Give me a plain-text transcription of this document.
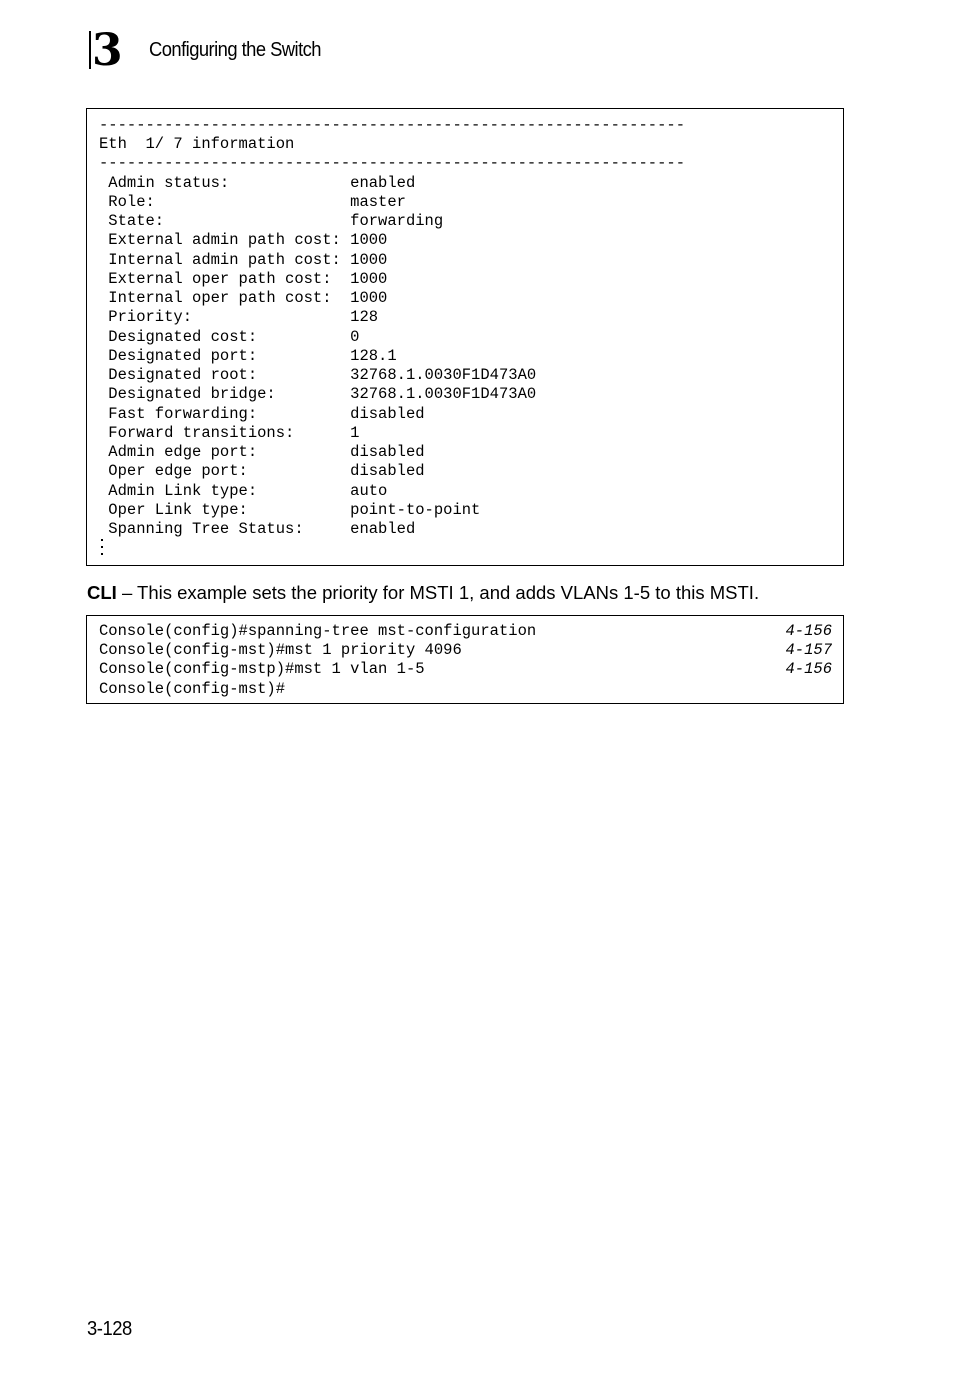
3 Configuring the Switch
---------------------------------------------------------------
Eth  1/ 7 information
---------------------------------------------------------------
Admin status:             enabled
Role:                     master
State:                    forwarding
External admin path cost: 1000
Internal admin path cost: 1000
External oper path cost:  1000
Internal oper path cost:  1000
Priority:                 128
Designated cost:          0
Designated port:          128.1
Designated root:          32768.1.0030F1D473A0
Designated bridge:        32768.1.0030F1D473A0
Fast forwarding:          disabled
Forward transitions:      1
Admin edge port:          disabled
Oper edge port:           disabled
Admin Link type:          auto
Oper Link type:           point-to-point
Spanning Tree Status:     enabled
CLI – This example sets the priority for MSTI 1, and adds VLANs 1-5 to this MSTI.
Console(config)#spanning-tree mst-configuration	4-156
Console(config-mst)#mst 1 priority 4096	4-157
Console(config-mstp)#mst 1 vlan 1-5	4-156
Console(config-mst)#
3-128
